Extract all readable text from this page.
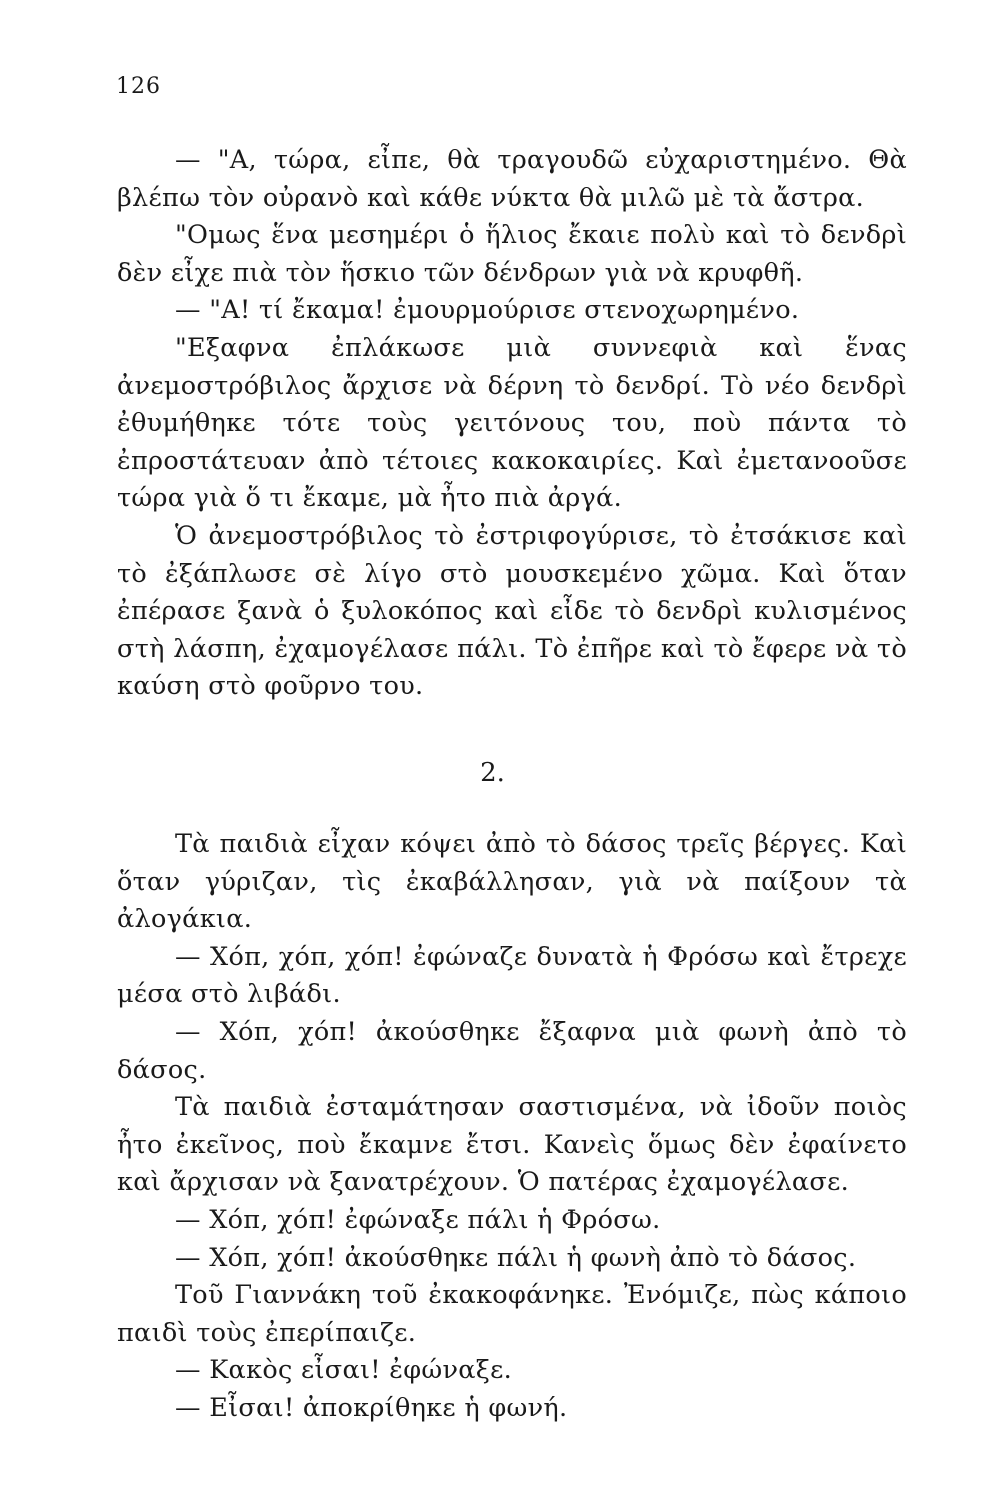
126

— "Α, τώρα, εἶπε, θὰ τραγουδῶ εὐχαριστημένο. Θὰ βλέπω τὸν οὐρανὸ καὶ κάθε νύκτα θὰ μιλῶ μὲ τὰ ἄστρα.

"Ομως ἕνα μεσημέρι ὁ ἥλιος ἔκαιε πολὺ καὶ τὸ δενδρὶ δὲν εἶχε πιὰ τὸν ἥσκιο τῶν δένδρων γιὰ νὰ κρυφθῆ.

— "Α! τί ἔκαμα! ἐμουρμούρισε στενοχωρημένο.

"Εξαφνα ἐπλάκωσε μιὰ συννεφιὰ καὶ ἕνας ἀνεμοστρόβιλος ἄρχισε νὰ δέρνη τὸ δενδρί. Τὸ νέο δενδρὶ ἐθυμήθηκε τότε τοὺς γειτόνους του, ποὺ πάντα τὸ ἐπροστάτευαν ἀπὸ τέτοιες κακοκαιρίες. Καὶ ἐμετανοοῦσε τώρα γιὰ ὅ τι ἔκαμε, μὰ ἦτο πιὰ ἀργά.

Ὁ ἀνεμοστρόβιλος τὸ ἐστριφογύρισε, τὸ ἐτσάκισε καὶ τὸ ἐξάπλωσε σὲ λίγο στὸ μουσκεμένο χῶμα. Καὶ ὅταν ἐπέρασε ξανὰ ὁ ξυλοκόπος καὶ εἶδε τὸ δενδρὶ κυλισμένος στὴ λάσπη, ἐχαμογέλασε πάλι. Τὸ ἐπῆρε καὶ τὸ ἔφερε νὰ τὸ καύση στὸ φοῦρνο του.

2.

Τὰ παιδιὰ εἶχαν κόψει ἀπὸ τὸ δάσος τρεῖς βέργες. Καὶ ὅταν γύριζαν, τὶς ἐκαβάλλησαν, γιὰ νὰ παίξουν τὰ ἀλογάκια.

— Χόπ, χόπ, χόπ! ἐφώναζε δυνατὰ ἡ Φρόσω καὶ ἔτρεχε μέσα στὸ λιβάδι.

— Χόπ, χόπ! ἀκούσθηκε ἔξαφνα μιὰ φωνὴ ἀπὸ τὸ δάσος.

Τὰ παιδιὰ ἐσταμάτησαν σαστισμένα, νὰ ἰδοῦν ποιὸς ἦτο ἐκεῖνος, ποὺ ἔκαμνε ἔτσι. Κανεὶς ὅμως δὲν ἐφαίνετο καὶ ἄρχισαν νὰ ξανατρέχουν. Ὁ πατέρας ἐχαμογέλασε.

— Χόπ, χόπ! ἐφώναξε πάλι ἡ Φρόσω.

— Χόπ, χόπ! ἀκούσθηκε πάλι ἡ φωνὴ ἀπὸ τὸ δάσος.

Τοῦ Γιαννάκη τοῦ ἐκακοφάνηκε. Ἐνόμιζε, πὼς κάποιο παιδὶ τοὺς ἐπερίπαιζε.

— Κακὸς εἶσαι! ἐφώναξε.

— Εἶσαι! ἀποκρίθηκε ἡ φωνή.
